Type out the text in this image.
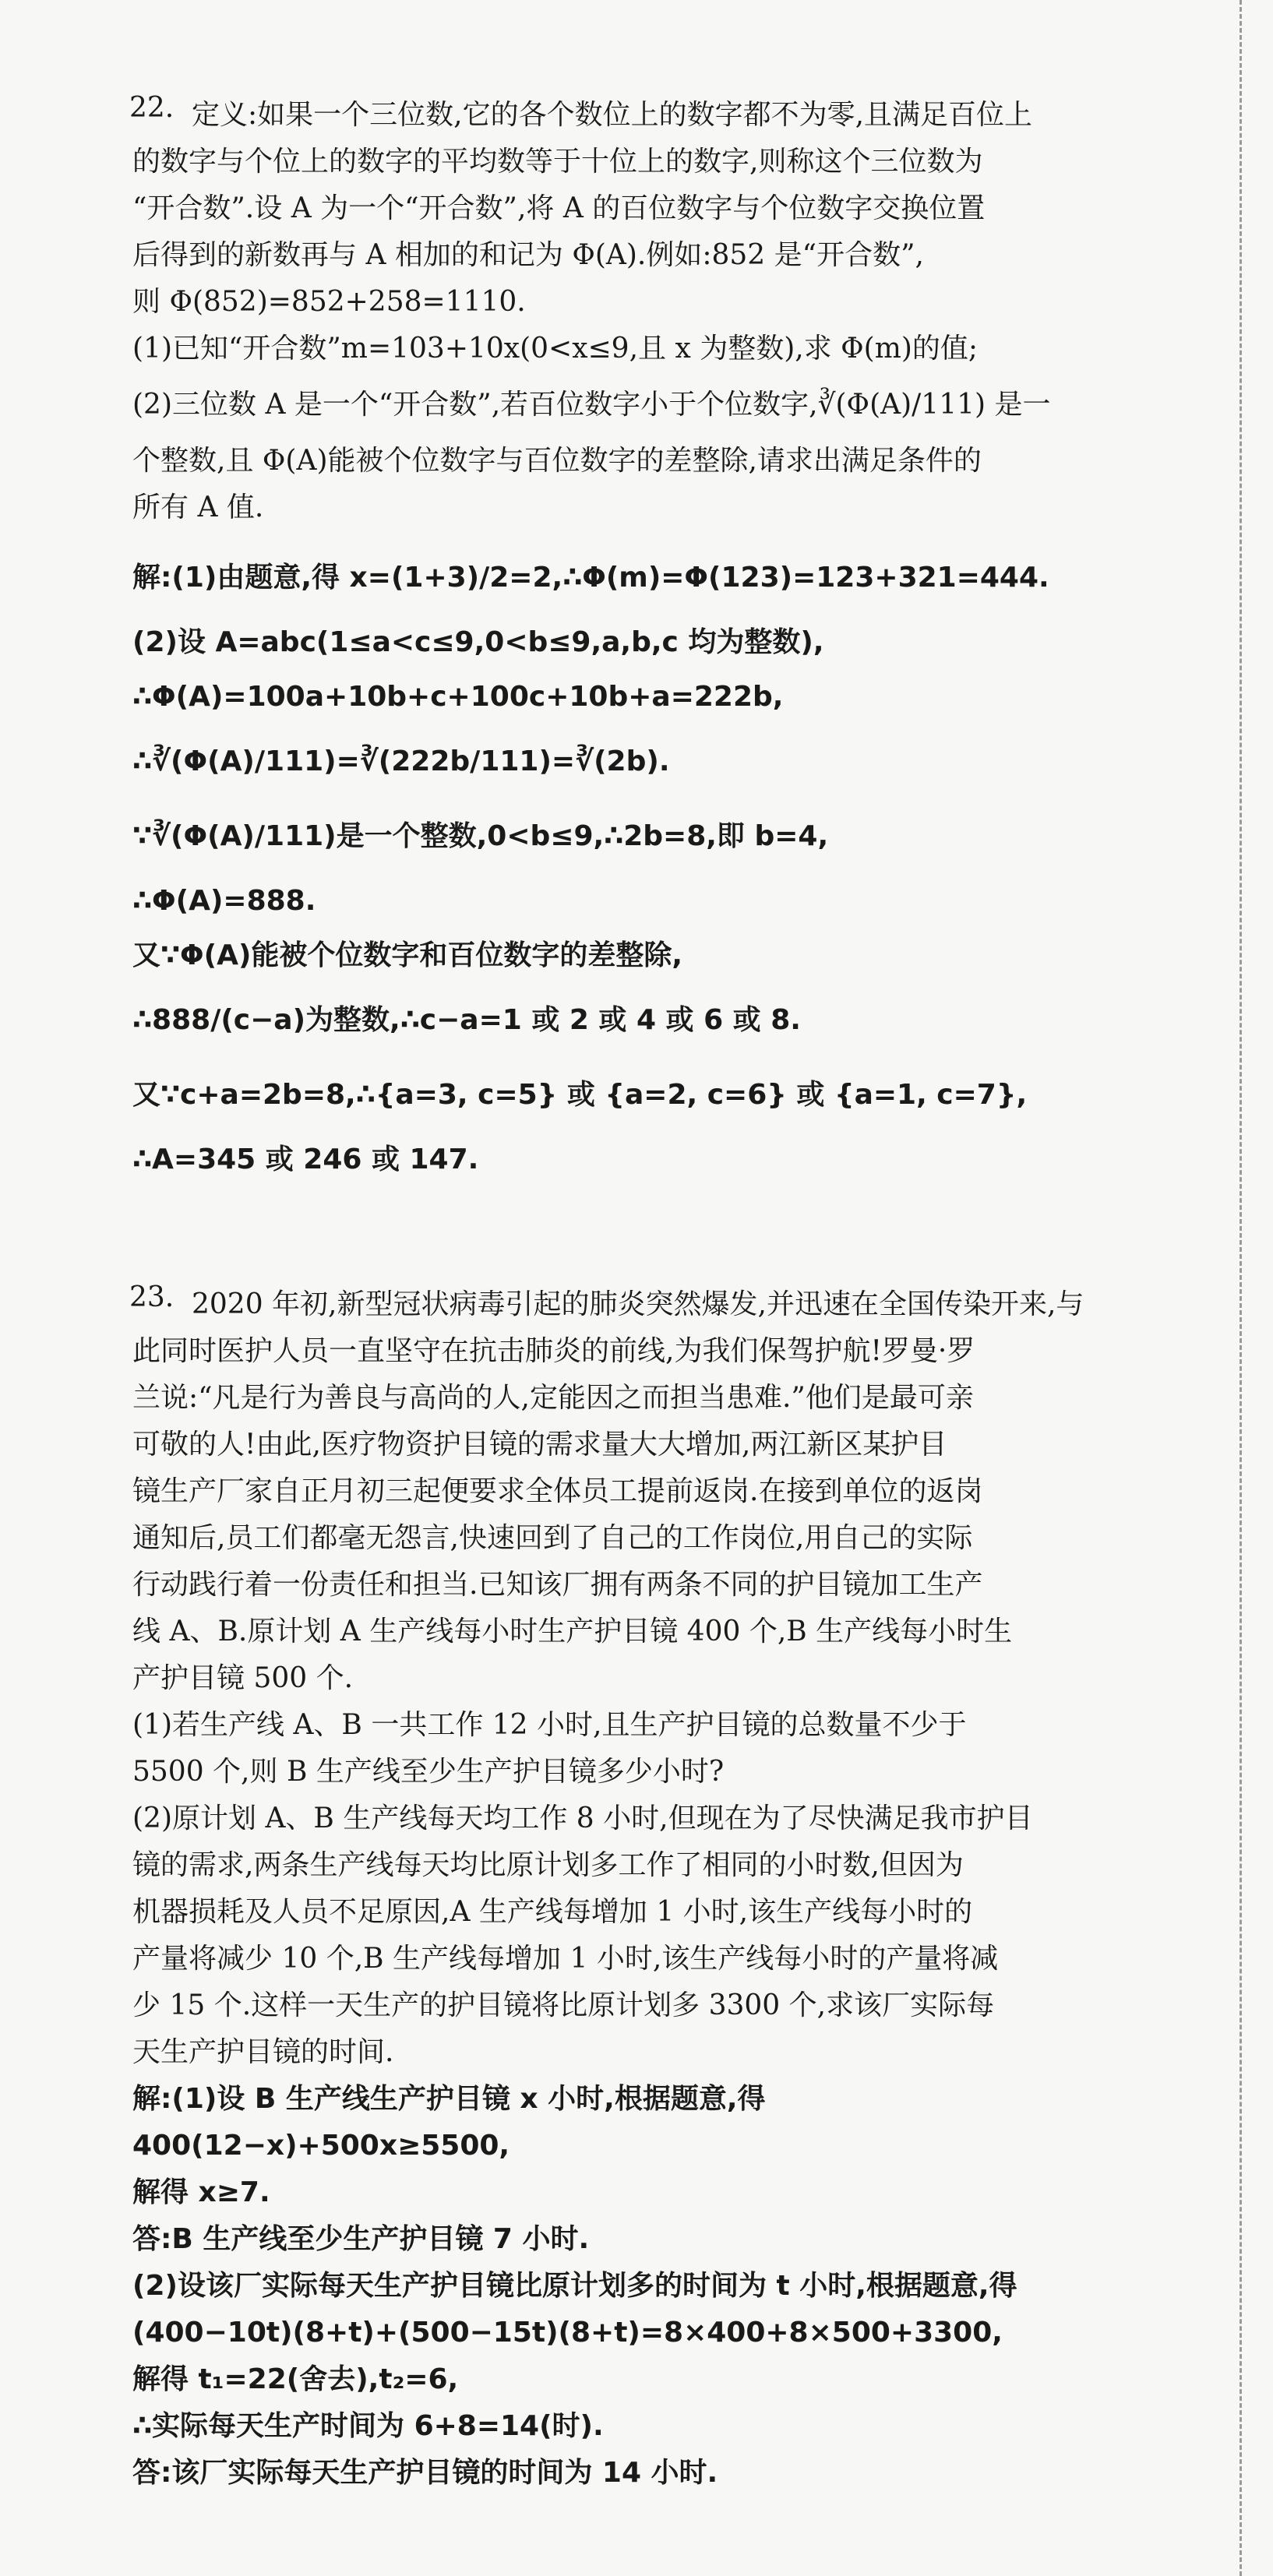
22. 定义:如果一个三位数,它的各个数位上的数字都不为零,且满足百位上

的数字与个位上的数字的平均数等于十位上的数字,则称这个三位数为

“开合数”.设 A 为一个“开合数”,将 A 的百位数字与个位数字交换位置

后得到的新数再与 A 相加的和记为 Φ(A).例如:852 是“开合数”,

则 Φ(852)=852+258=1110.

(1)已知“开合数”m=103+10x(0<x≤9,且 x 为整数),求 Φ(m)的值;

(2)三位数 A 是一个“开合数”,若百位数字小于个位数字,∛(Φ(A)/111) 是一

个整数,且 Φ(A)能被个位数字与百位数字的差整除,请求出满足条件的

所有 A 值.

解:(1)由题意,得 x=(1+3)/2=2,∴Φ(m)=Φ(123)=123+321=444.

(2)设 A=abc(1≤a<c≤9,0<b≤9,a,b,c 均为整数),

∴Φ(A)=100a+10b+c+100c+10b+a=222b,

∴∛(Φ(A)/111)=∛(222b/111)=∛(2b).

∵∛(Φ(A)/111)是一个整数,0<b≤9,∴2b=8,即 b=4,

∴Φ(A)=888.

又∵Φ(A)能被个位数字和百位数字的差整除,

∴888/(c−a)为整数,∴c−a=1 或 2 或 4 或 6 或 8.

又∵c+a=2b=8,∴{a=3, c=5} 或 {a=2, c=6} 或 {a=1, c=7},

∴A=345 或 246 或 147.

23. 2020 年初,新型冠状病毒引起的肺炎突然爆发,并迅速在全国传染开来,与

此同时医护人员一直坚守在抗击肺炎的前线,为我们保驾护航!罗曼·罗

兰说:“凡是行为善良与高尚的人,定能因之而担当患难.”他们是最可亲

可敬的人!由此,医疗物资护目镜的需求量大大增加,两江新区某护目

镜生产厂家自正月初三起便要求全体员工提前返岗.在接到单位的返岗

通知后,员工们都毫无怨言,快速回到了自己的工作岗位,用自己的实际

行动践行着一份责任和担当.已知该厂拥有两条不同的护目镜加工生产

线 A、B.原计划 A 生产线每小时生产护目镜 400 个,B 生产线每小时生

产护目镜 500 个.

(1)若生产线 A、B 一共工作 12 小时,且生产护目镜的总数量不少于

5500 个,则 B 生产线至少生产护目镜多少小时?

(2)原计划 A、B 生产线每天均工作 8 小时,但现在为了尽快满足我市护目

镜的需求,两条生产线每天均比原计划多工作了相同的小时数,但因为

机器损耗及人员不足原因,A 生产线每增加 1 小时,该生产线每小时的

产量将减少 10 个,B 生产线每增加 1 小时,该生产线每小时的产量将减

少 15 个.这样一天生产的护目镜将比原计划多 3300 个,求该厂实际每

天生产护目镜的时间.

解:(1)设 B 生产线生产护目镜 x 小时,根据题意,得

400(12−x)+500x≥5500,

解得 x≥7.

答:B 生产线至少生产护目镜 7 小时.

(2)设该厂实际每天生产护目镜比原计划多的时间为 t 小时,根据题意,得

(400−10t)(8+t)+(500−15t)(8+t)=8×400+8×500+3300,

解得 t₁=22(舍去),t₂=6,

∴实际每天生产时间为 6+8=14(时).

答:该厂实际每天生产护目镜的时间为 14 小时.
